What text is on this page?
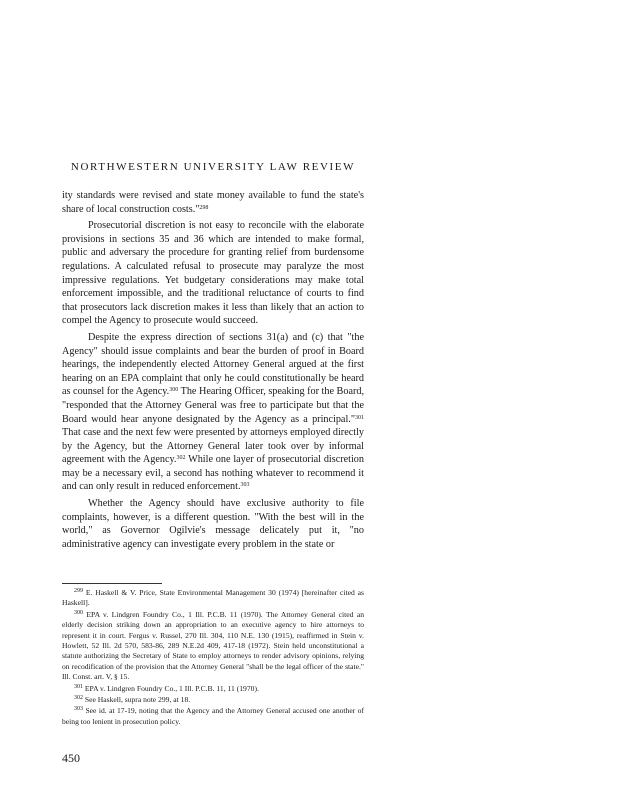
NORTHWESTERN UNIVERSITY LAW REVIEW

ity standards were revised and state money available to fund the state's share of local construction costs."$^{298}$

Prosecutorial discretion is not easy to reconcile with the elaborate provisions in sections 35 and 36 which are intended to make formal, public and adversary the procedure for granting relief from burdensome regulations. A calculated refusal to prosecute may paralyze the most impressive regulations. Yet budgetary considerations may make total enforcement impossible, and the traditional reluctance of courts to find that prosecutors lack discretion makes it less than likely that an action to compel the Agency to prosecute would succeed.

Despite the express direction of sections 31(a) and (c) that "the Agency" should issue complaints and bear the burden of proof in Board hearings, the independently elected Attorney General argued at the first hearing on an EPA complaint that only he could constitutionally be heard as counsel for the Agency.$^{300}$ The Hearing Officer, speaking for the Board, "responded that the Attorney General was free to participate but that the Board would hear anyone designated by the Agency as a principal."$^{301}$ That case and the next few were presented by attorneys employed directly by the Agency, but the Attorney General later took over by informal agreement with the Agency.$^{302}$ While one layer of prosecutorial discretion may be a necessary evil, a second has nothing whatever to recommend it and can only result in reduced enforcement.$^{303}$

Whether the Agency should have exclusive authority to file complaints, however, is a different question. "With the best will in the world," as Governor Ogilvie's message delicately put it, "no administrative agency can investigate every problem in the state or

$^{299}$ E. Haskell & V. Price, State Environmental Management 30 (1974) [hereinafter cited as Haskell].

$^{300}$ EPA v. Lindgren Foundry Co., 1 Ill. P.C.B. 11 (1970). The Attorney General cited an elderly decision striking down an appropriation to an executive agency to hire attorneys to represent it in court. Fergus v. Russel, 270 Ill. 304, 110 N.E. 130 (1915), reaffirmed in Stein v. Howlett, 52 Ill. 2d 570, 583-86, 289 N.E.2d 409, 417-18 (1972). Stein held unconstitutional a statute authorizing the Secretary of State to employ attorneys to render advisory opinions, relying on recodification of the provision that the Attorney General "shall be the legal officer of the state." Ill. Const. art. V, § 15.

$^{301}$ EPA v. Lindgren Foundry Co., 1 Ill. P.C.B. 11, 11 (1970).

$^{302}$ See Haskell, supra note 299, at 18.

$^{303}$ See id. at 17-19, noting that the Agency and the Attorney General accused one another of being too lenient in prosecution policy.

450
